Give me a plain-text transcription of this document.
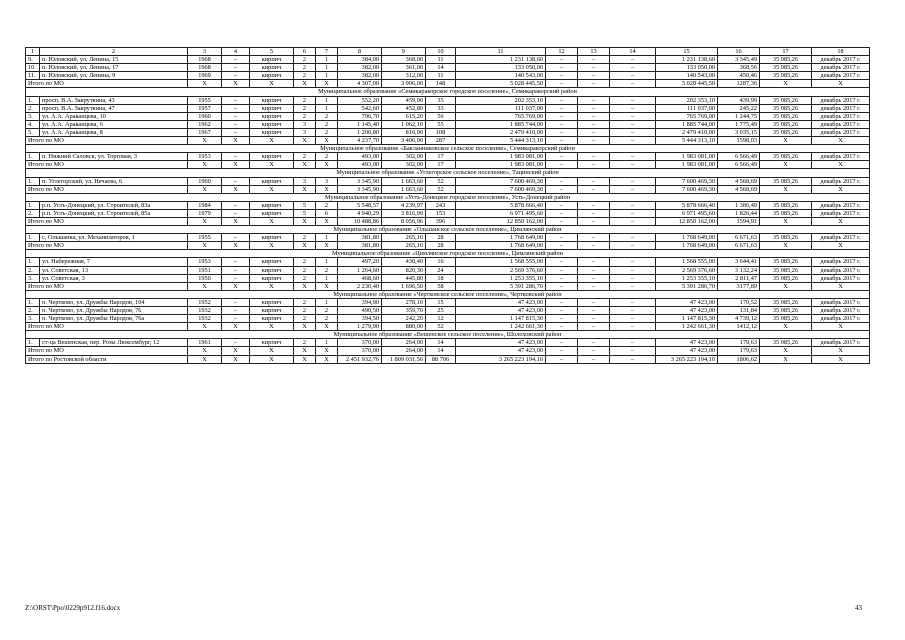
1	2	3	4	5	6	7	8	9	10	11	12	13	14	15	16	17	18
9.	п. Юловский, ул. Ленина, 15	1968	–	кирпич	2	1	384,00	368,00	11	1 231 138,60	–	–	–	1 231 138,60	3 345,49	35 085,26	декабрь 2017 г.
10.	п. Юловский, ул. Ленина, 17	1968	–	кирпич	2	1	382,00	361,00	14	133 050,00	–	–	–	133 050,00	368,56	35 085,26	декабрь 2017 г.
11.	п. Юловский, ул. Ленина, 9	1969	–	кирпич	2	1	382,00	312,00	11	140 543,00	–	–	–	140 543,00	450,46	35 085,26	декабрь 2017 г.
Итого по МО		X	X	X	X	X	4 307,00	3 906,00	148	5 028 445,50	–	–	–	5 028 445,50	1287,36	X	X
Муниципальное образование «Семикаракорское городское поселение», Семикаракорский район																	
1.	просп. В.А. Закруткина, 43	1955	–	кирпич	2	1	552,20	459,90	35	202 353,10	–	–	–	202 353,10	439,99	35 085,26	декабрь 2017 г.
2.	просп. В.А. Закруткина, 47	1957	–	кирпич	2	1	542,60	452,80	33	111 037,00	–	–	–	111 037,00	245,22	35 085,26	декабрь 2017 г.
3.	ул. А.А. Араканцева, 10	1960	–	кирпич	2	2	796,70	615,20	56	765 769,00	–	–	–	765 769,00	1 244,75	35 085,26	декабрь 2017 г.
4.	ул. А.А. Араканцева, 6	1962	–	кирпич	3	2	1 145,40	1 062,10	55	1 885 744,00	–	–	–	1 885 744,00	1 775,49	35 085,26	декабрь 2017 г.
5.	ул. А.А. Араканцева, 8	1967	–	кирпич	3	2	1 200,80	816,90	108	2 479 410,00	–	–	–	2 479 410,00	3 035,15	35 085,26	декабрь 2017 г.
Итого по МО		X	X	X	X	X	4 237,70	3 406,90	287	5 444 313,10	–	–	–	5 444 313,10	1598,03	X	X
Муниципальное образование «Бакланниковское сельское поселение», Семикаракорский район																	
1.	п. Нижний Саловск, ул. Торговая, 3	1953	–	кирпич	2	2	493,00	302,00	17	1 983 081,00	–	–	–	1 983 081,00	6 566,49	35 085,26	декабрь 2017 г.
Итого по МО		X	X	X	X	X	493,00	302,00	17	1 983 081,00	–	–	–	1 983 081,00	6 566,49	X	X
Муниципальное образование «Углегорское сельское поселение», Тацинский район																	
1.	п. Углегорский, ул. Нечаева, 6	1960	–	кирпич	3	3	3 345,90	1 663,60	52	7 600 469,30	–	–	–	7 600 469,30	4 568,69	35 085,26	декабрь 2017 г.
Итого по МО		X	X	X	X	X	3 345,90	1 663,60	52	7 600 469,30	–	–	–	7 600 469,30	4 568,69	X	X
Муниципальное образование «Усть-Донецкое городское поселение», Усть-Донецкий район																	
1.	р.п. Усть-Донецкий, ул. Строителей, 83а	1984	–	кирпич	5	2	5 548,57	4 239,97	243	5 878 666,40	–	–	–	5 878 666,40	1 386,49	35 085,26	декабрь 2017 г.
2.	р.п. Усть-Донецкий, ул. Строителей, 85а	1979	–	кирпич	5	6	4 940,29	3 816,99	153	6 971 495,60	–	–	–	6 971 495,60	1 826,44	35 085,26	декабрь 2017 г.
Итого по МО		X	X	X	X	X	10 488,86	8 056,96	396	12 850 162,00	–	–	–	12 850 162,00	1594,91	X	X
Муниципальное образование «Ольшанское сельское поселение», Цимлянский район																	
1.	с. Ольшанка, ул. Механизаторов, 1	1955	–	кирпич	2	1	381,80	265,10	28	1 768 649,00	–	–	–	1 768 649,00	6 671,63	35 085,26	декабрь 2017 г.
Итого по МО		X	X	X	X	X	381,80	265,10	28	1 768 649,00	–	–	–	1 768 649,00	6 671,63	X	X
Муниципальное образование «Цимлянское городское поселение», Цимлянский район																	
1.	ул. Набережная, 7	1953	–	кирпич	2	1	497,20	430,40	16	1 568 555,00	–	–	–	1 568 555,00	3 644,41	35 085,26	декабрь 2017 г.
2.	ул. Советская, 13	1951	–	кирпич	2	2	1 264,60	820,30	24	2 569 376,60	–	–	–	2 569 376,60	3 132,24	35 085,26	декабрь 2017 г.
3.	ул. Советская, 3	1950	–	кирпич	2	1	468,60	445,80	18	1 253 355,10	–	–	–	1 253 355,10	2 811,47	35 085,26	декабрь 2017 г.
Итого по МО		X	X	X	X	X	2 230,40	1 696,50	58	5 391 286,70	–	–	–	5 391 286,70	3177,89	X	X
Муниципальное образование «Чертковское сельское поселение», Чертковский район																	
1.	п. Чертково, ул. Дружбы Народов, 104	1952	–	кирпич	2	1	394,90	278,10	15	47 423,00	–	–	–	47 423,00	170,52	35 085,26	декабрь 2017 г.
2.	п. Чертково, ул. Дружбы Народов, 76	1932	–	кирпич	2	2	490,50	359,70	25	47 423,00	–	–	–	47 423,00	131,84	35 085,26	декабрь 2017 г.
3.	п. Чертково, ул. Дружбы Народов, 76а	1932	–	кирпич	2	2	394,50	242,20	12	1 147 815,30	–	–	–	1 147 815,30	4 739,12	35 085,26	декабрь 2017 г.
Итого по МО		X	X	X	X	X	1 279,90	880,00	52	1 242 661,30	–	–	–	1 242 661,30	1412,12	X	X
Муниципальное образование «Вешенское сельское поселение», Шолоховский район																	
1.	ст-ца Вешенская, пер. Розы Люксембург, 12	1961	–	кирпич	2	1	370,00	264,00	14	47 423,00	–	–	–	47 423,00	179,63	35 085,26	декабрь 2017 г.
Итого по МО		X	X	X	X	X	370,00	264,00	14	47 423,00	–	–	–	47 423,00	179,63	X	X
Итого по Ростовской области		X	X	X	X	X	2 451 932,76	1 809 031,56	88 706	3 265 223 194,10	–	–	–	3 265 223 194,10	1806,62	X	X
Z:\ORST\Ppo\0229p912.f16.docx	43
